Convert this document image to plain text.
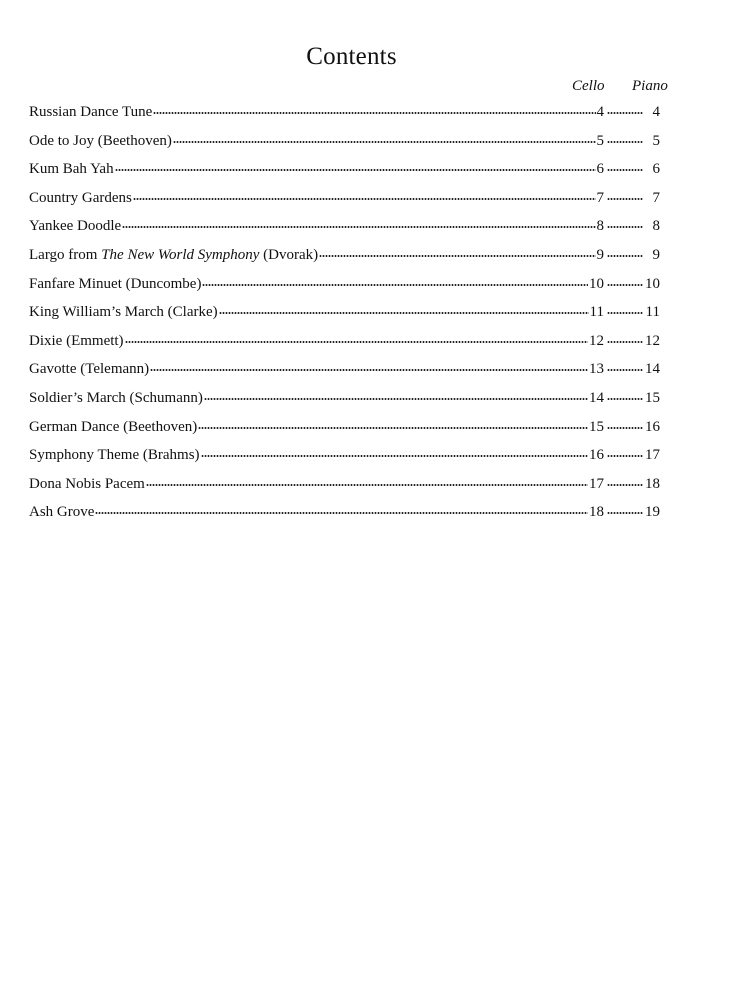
Contents
Cello Piano
Russian Dance Tune	4	4
Ode to Joy (Beethoven)	5	5
Kum Bah Yah	6	6
Country Gardens	7	7
Yankee Doodle	8	8
Largo from The New World Symphony (Dvorak)	9	9
Fanfare Minuet (Duncombe)	10	10
King William’s March (Clarke)	11	11
Dixie (Emmett)	12	12
Gavotte (Telemann)	13	14
Soldier’s March (Schumann)	14	15
German Dance (Beethoven)	15	16
Symphony Theme (Brahms)	16	17
Dona Nobis Pacem	17	18
Ash Grove	18	19
